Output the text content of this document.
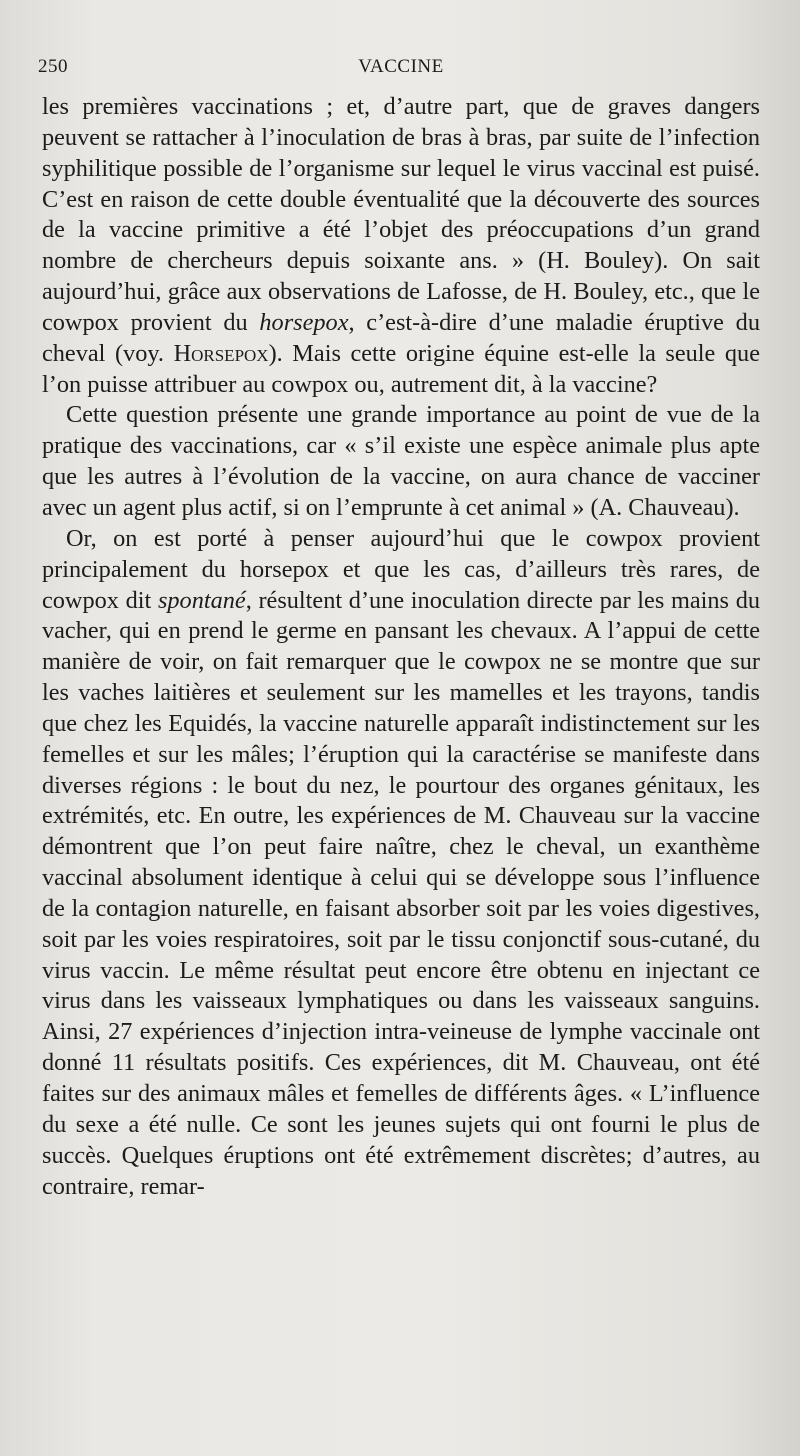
250	VACCINE

les premières vaccinations ; et, d’autre part, que de graves dangers peuvent se rattacher à l’inoculation de bras à bras, par suite de l’infection syphilitique possible de l’organisme sur lequel le virus vaccinal est puisé. C’est en raison de cette double éventualité que la découverte des sources de la vaccine primitive a été l’objet des préoccupations d’un grand nombre de chercheurs depuis soixante ans. » (H. Bouley). On sait aujourd’hui, grâce aux observations de Lafosse, de H. Bouley, etc., que le cowpox provient du horsepox, c’est-à-dire d’une maladie éruptive du cheval (voy. Horsepox). Mais cette origine équine est-elle la seule que l’on puisse attribuer au cowpox ou, autrement dit, à la vaccine?

Cette question présente une grande importance au point de vue de la pratique des vaccinations, car « s’il existe une espèce animale plus apte que les autres à l’évolution de la vaccine, on aura chance de vacciner avec un agent plus actif, si on l’emprunte à cet animal » (A. Chauveau).

Or, on est porté à penser aujourd’hui que le cowpox provient principalement du horsepox et que les cas, d’ailleurs très rares, de cowpox dit spontané, résultent d’une inoculation directe par les mains du vacher, qui en prend le germe en pansant les chevaux. A l’appui de cette manière de voir, on fait remarquer que le cowpox ne se montre que sur les vaches laitières et seulement sur les mamelles et les trayons, tandis que chez les Equidés, la vaccine naturelle apparaît indistinctement sur les femelles et sur les mâles; l’éruption qui la caractérise se manifeste dans diverses régions : le bout du nez, le pourtour des organes génitaux, les extrémités, etc. En outre, les expériences de M. Chauveau sur la vaccine démontrent que l’on peut faire naître, chez le cheval, un exanthème vaccinal absolument identique à celui qui se développe sous l’influence de la contagion naturelle, en faisant absorber soit par les voies digestives, soit par les voies respiratoires, soit par le tissu conjonctif sous-cutané, du virus vaccin. Le même résultat peut encore être obtenu en injectant ce virus dans les vaisseaux lymphatiques ou dans les vaisseaux sanguins. Ainsi, 27 expériences d’injection intra-veineuse de lymphe vaccinale ont donné 11 résultats positifs. Ces expériences, dit M. Chauveau, ont été faites sur des animaux mâles et femelles de différents âges. « L’influence du sexe a été nulle. Ce sont les jeunes sujets qui ont fourni le plus de succès. Quelques éruptions ont été extrêmement discrètes; d’autres, au contraire, remar-
